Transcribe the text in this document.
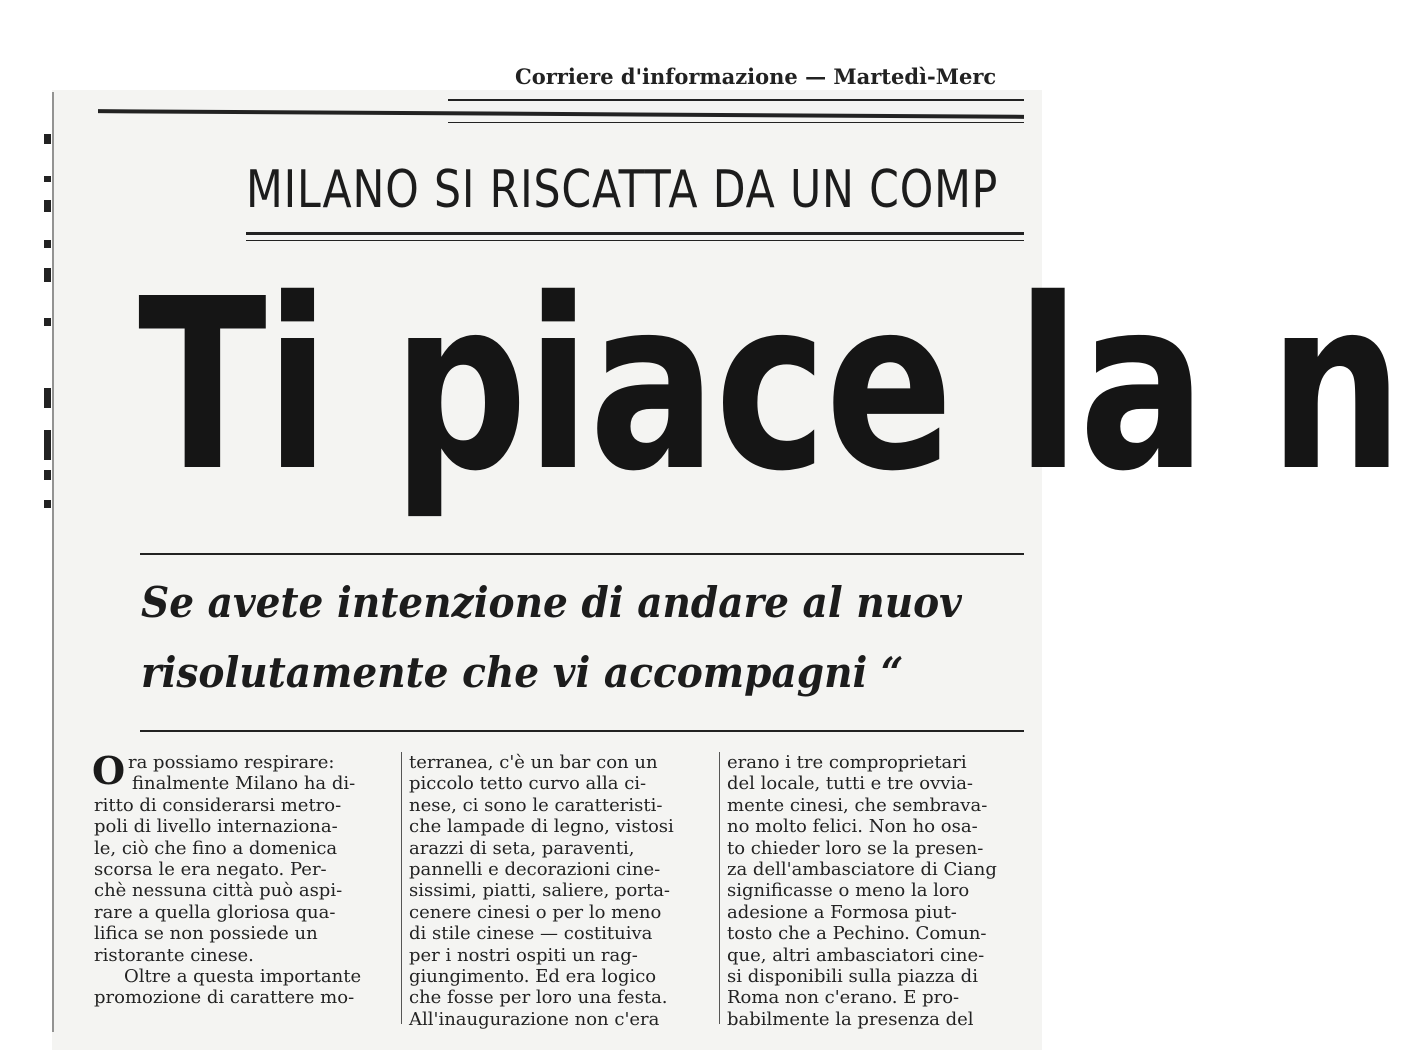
Corriere d'informazione — Martedì-Merc
MILANO SI RISCATTA DA UN COMP
Ti piace la n
Se avete intenzione di andare al nuov
risolutamente che vi accompagni “
O ra possiamo respirare:
finalmente Milano ha di-
ritto di considerarsi metro-
poli di livello internaziona-
le, ciò che fino a domenica
scorsa le era negato. Per-
chè nessuna città può aspi-
rare a quella gloriosa qua-
lifica se non possiede un
ristorante cinese.
Oltre a questa importante
promozione di carattere mo-
terranea, c'è un bar con un
piccolo tetto curvo alla ci-
nese, ci sono le caratteristi-
che lampade di legno, vistosi
arazzi di seta, paraventi,
pannelli e decorazioni cine-
sissimi, piatti, saliere, porta-
cenere cinesi o per lo meno
di stile cinese — costituiva
per i nostri ospiti un rag-
giungimento. Ed era logico
che fosse per loro una festa.
All'inaugurazione non c'era
erano i tre comproprietari
del locale, tutti e tre ovvia-
mente cinesi, che sembrava-
no molto felici. Non ho osa-
to chieder loro se la presen-
za dell'ambasciatore di Ciang
significasse o meno la loro
adesione a Formosa piut-
tosto che a Pechino. Comun-
que, altri ambasciatori cine-
si disponibili sulla piazza di
Roma non c'erano. E pro-
babilmente la presenza del
